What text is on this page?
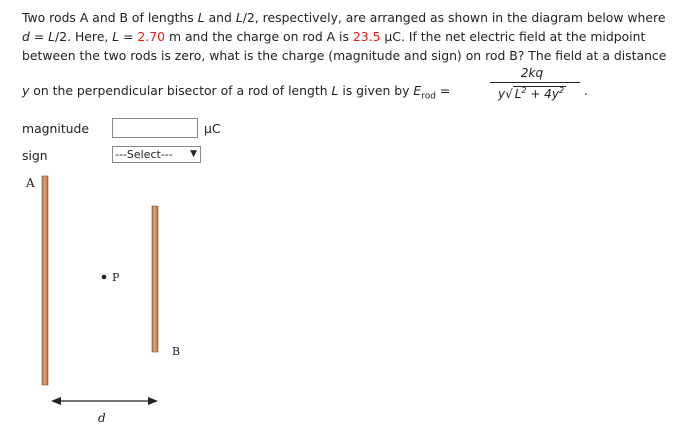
Two rods A and B of lengths L and L/2, respectively, are arranged as shown in the diagram below where
d = L/2. Here, L = 2.70 m and the charge on rod A is 23.5 μC. If the net electric field at the midpoint
between the two rods is zero, what is the charge (magnitude and sign) on rod B? The field at a distance
y on the perpendicular bisector of a rod of length L is given by $E_{rod}$ =
2kq
y√ $L^2 + 4y^2$	.
magnitude	μC
sign	---Select--- ▼
A
B
P
d
